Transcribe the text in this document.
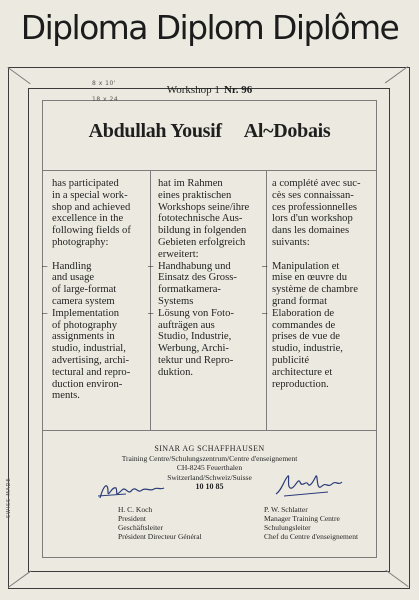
Diploma Diplom Diplôme
8 x 10'
18 x 24
Workshop 1 Nr. 96
Abdullah Yousif Al~Dobais

has participated

in a special work-

shop and achieved

excellence in the

following fields of

photography:

– Handling

and usage

of large-format

camera system

– Implementation

of photography

assignments in

studio, industrial,

advertising, archi-

tectural and repro-

duction environ-

ments.

hat im Rahmen

eines praktischen

Workshops seine/ihre

fototechnische Aus-

bildung in folgenden

Gebieten erfolgreich

erweitert:

– Handhabung und

Einsatz des Gross-

formatkamera-

Systems

– Lösung von Foto-

aufträgen aus

Studio, Industrie,

Werbung, Archi-

tektur und Repro-

duktion.

a complété avec suc-

cès ses connaissan-

ces professionnelles

lors d'un workshop

dans les domaines

suivants:

– Manipulation et

mise en œuvre du

système de chambre

grand format

– Elaboration de

commandes de

prises de vue de

studio, industrie,

publicité

architecture et

reproduction.

SINAR AG SCHAFFHAUSEN
Training Centre/Schulungszentrum/Centre d'enseignement
CH-8245 Feuerthalen
Switzerland/Schweiz/Suisse
10 10 85

H. C. Koch

President

Geschäftsleiter

Président Directeur Général

P. W. Schlatter

Manager Training Centre

Schulungsleiter

Chef du Centre d'enseignement

SWISS MADE
